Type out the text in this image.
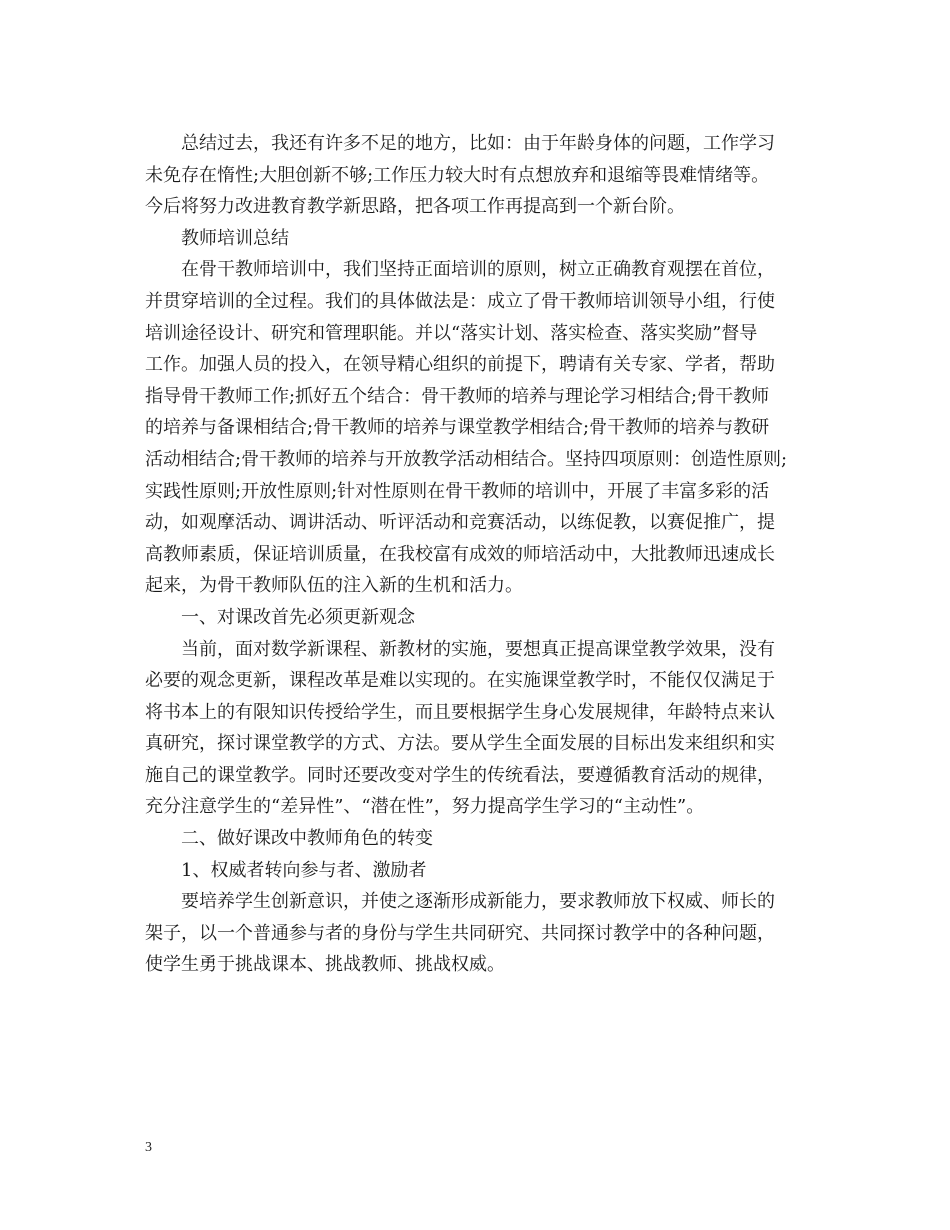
总结过去，我还有许多不足的地方，比如：由于年龄身体的问题，工作学习
未免存在惰性;大胆创新不够;工作压力较大时有点想放弃和退缩等畏难情绪等。
今后将努力改进教育教学新思路，把各项工作再提高到一个新台阶。

教师培训总结

在骨干教师培训中，我们坚持正面培训的原则，树立正确教育观摆在首位，
并贯穿培训的全过程。我们的具体做法是：成立了骨干教师培训领导小组，行使
培训途径设计、研究和管理职能。并以“落实计划、落实检查、落实奖励”督导
工作。加强人员的投入，在领导精心组织的前提下，聘请有关专家、学者，帮助
指导骨干教师工作;抓好五个结合：骨干教师的培养与理论学习相结合;骨干教师
的培养与备课相结合;骨干教师的培养与课堂教学相结合;骨干教师的培养与教研
活动相结合;骨干教师的培养与开放教学活动相结合。坚持四项原则：创造性原则;
实践性原则;开放性原则;针对性原则在骨干教师的培训中，开展了丰富多彩的活
动，如观摩活动、调讲活动、听评活动和竞赛活动，以练促教，以赛促推广，提
高教师素质，保证培训质量，在我校富有成效的师培活动中，大批教师迅速成长
起来，为骨干教师队伍的注入新的生机和活力。

一、对课改首先必须更新观念

当前，面对数学新课程、新教材的实施，要想真正提高课堂教学效果，没有
必要的观念更新，课程改革是难以实现的。在实施课堂教学时，不能仅仅满足于
将书本上的有限知识传授给学生，而且要根据学生身心发展规律，年龄特点来认
真研究，探讨课堂教学的方式、方法。要从学生全面发展的目标出发来组织和实
施自己的课堂教学。同时还要改变对学生的传统看法，要遵循教育活动的规律，
充分注意学生的“差异性”、“潜在性”，努力提高学生学习的“主动性”。

二、做好课改中教师角色的转变

1、权威者转向参与者、激励者

要培养学生创新意识，并使之逐渐形成新能力，要求教师放下权威、师长的
架子，以一个普通参与者的身份与学生共同研究、共同探讨教学中的各种问题，
使学生勇于挑战课本、挑战教师、挑战权威。

3
